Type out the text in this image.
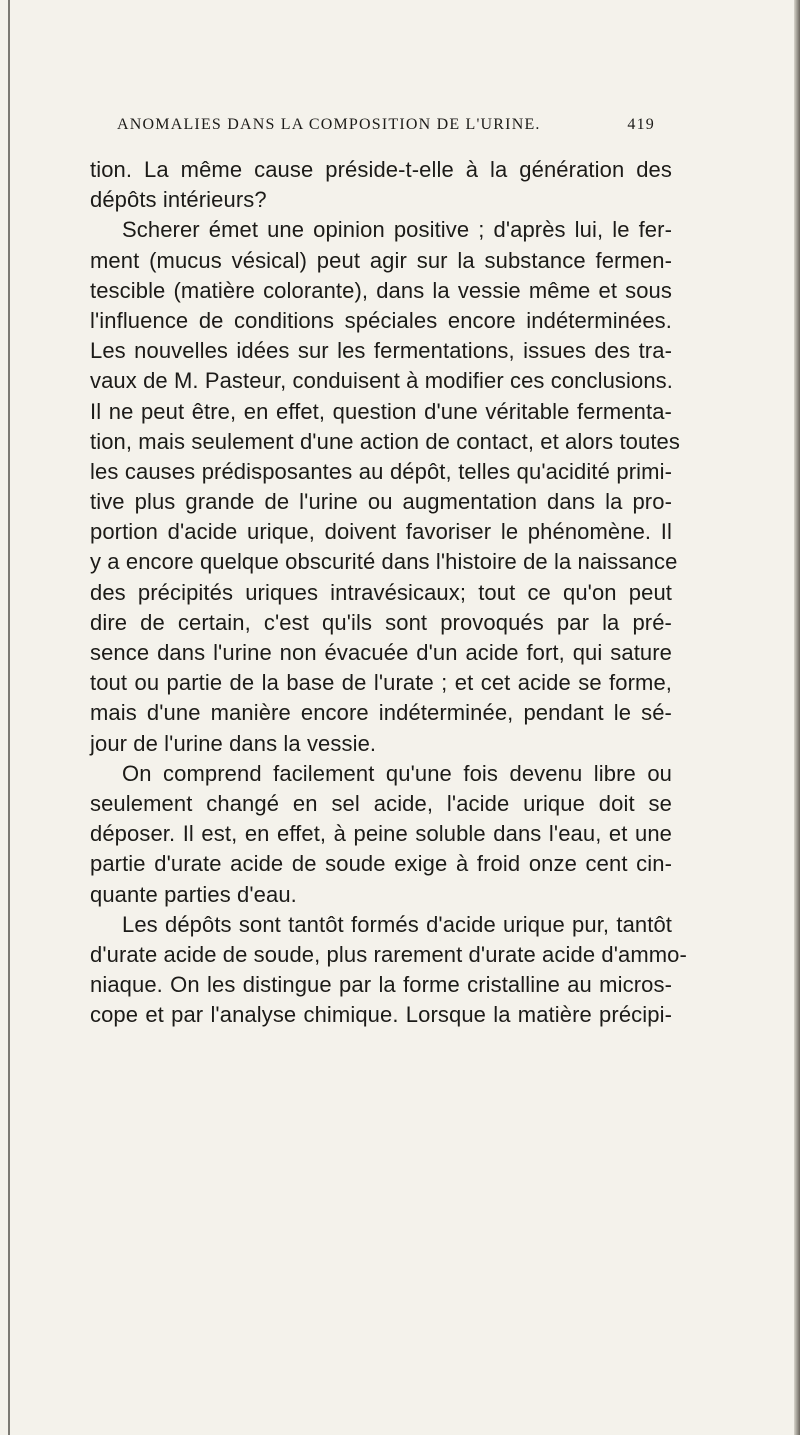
ANOMALIES DANS LA COMPOSITION DE L'URINE.	419
tion. La même cause préside-t-elle à la génération des
dépôts intérieurs?
Scherer émet une opinion positive ; d'après lui, le fer-
ment (mucus vésical) peut agir sur la substance fermen-
tescible (matière colorante), dans la vessie même et sous
l'influence de conditions spéciales encore indéterminées.
Les nouvelles idées sur les fermentations, issues des tra-
vaux de M. Pasteur, conduisent à modifier ces conclusions.
Il ne peut être, en effet, question d'une véritable fermenta-
tion, mais seulement d'une action de contact, et alors toutes
les causes prédisposantes au dépôt, telles qu'acidité primi-
tive plus grande de l'urine ou augmentation dans la pro-
portion d'acide urique, doivent favoriser le phénomène. Il
y a encore quelque obscurité dans l'histoire de la naissance
des précipités uriques intravésicaux; tout ce qu'on peut
dire de certain, c'est qu'ils sont provoqués par la pré-
sence dans l'urine non évacuée d'un acide fort, qui sature
tout ou partie de la base de l'urate ; et cet acide se forme,
mais d'une manière encore indéterminée, pendant le sé-
jour de l'urine dans la vessie.
On comprend facilement qu'une fois devenu libre ou
seulement changé en sel acide, l'acide urique doit se
déposer. Il est, en effet, à peine soluble dans l'eau, et une
partie d'urate acide de soude exige à froid onze cent cin-
quante parties d'eau.
Les dépôts sont tantôt formés d'acide urique pur, tantôt
d'urate acide de soude, plus rarement d'urate acide d'ammo-
niaque. On les distingue par la forme cristalline au micros-
cope et par l'analyse chimique. Lorsque la matière précipi-
